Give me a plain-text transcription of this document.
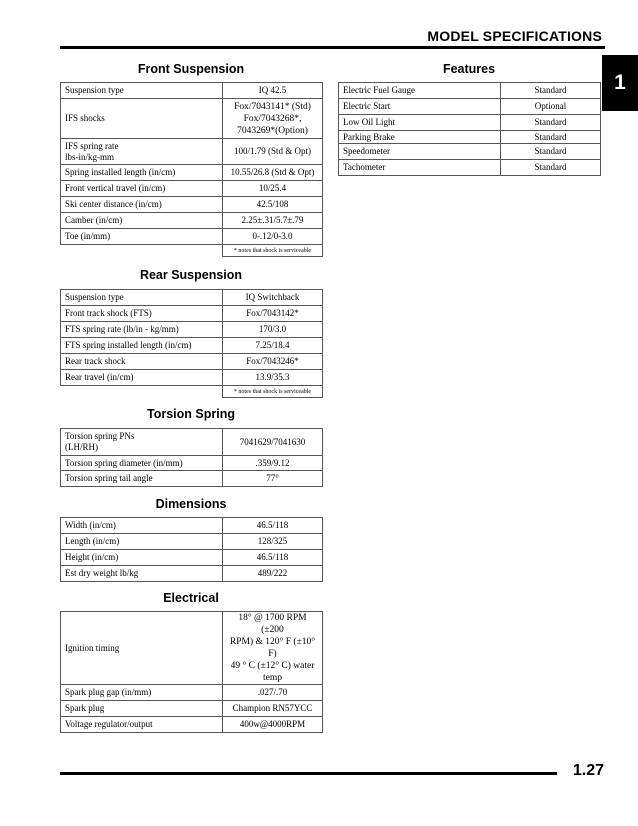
MODEL SPECIFICATIONS
1
Front Suspension
Suspension type	IQ 42.5
IFS shocks	Fox/7043141* (Std)
Fox/7043268*,
7043269*(Option)

IFS spring rate
lbs-in/kg-mm	100/1.79 (Std & Opt)
Spring installed length (in/cm)	10.55/26.8 (Std & Opt)
Front vertical travel (in/cm)	10/25.4
Ski center distance (in/cm)	42.5/108
Camber (in/cm)	2.25±.31/5.7±.79
Toe (in/mm)	0-.12/0-3.0
	* notes that shock is serviceable
Features
Electric Fuel Gauge	Standard
Electric Start	Optional
Low Oil Light	Standard
Parking Brake	Standard
Speedometer	Standard
Tachometer	Standard
Rear Suspension
Suspension type	IQ Switchback
Front track shock (FTS)	Fox/7043142*
FTS spring rate (lb/in - kg/mm)	170/3.0
FTS spring installed length (in/cm)	7.25/18.4
Rear track shock	Fox/7043246*
Rear travel (in/cm)	13.9/35.3
	* notes that shock is serviceable
Torsion Spring
Torsion spring PNs
(LH/RH)	7041629/7041630
Torsion spring diameter (in/mm)	.359/9.12
Torsion spring tail angle	77°
Dimensions
Width (in/cm)	46.5/118
Length (in/cm)	128/325
Height (in/cm)	46.5/118
Est dry weight lb/kg	489/222
Electrical
Ignition timing	18° @ 1700 RPM (±200
RPM) & 120° F (±10° F)
49 ° C (±12° C) water
temp

Spark plug gap (in/mm)	.027/.70
Spark plug	Champion RN57YCC
Voltage regulator/output	400w@4000RPM
1.27
